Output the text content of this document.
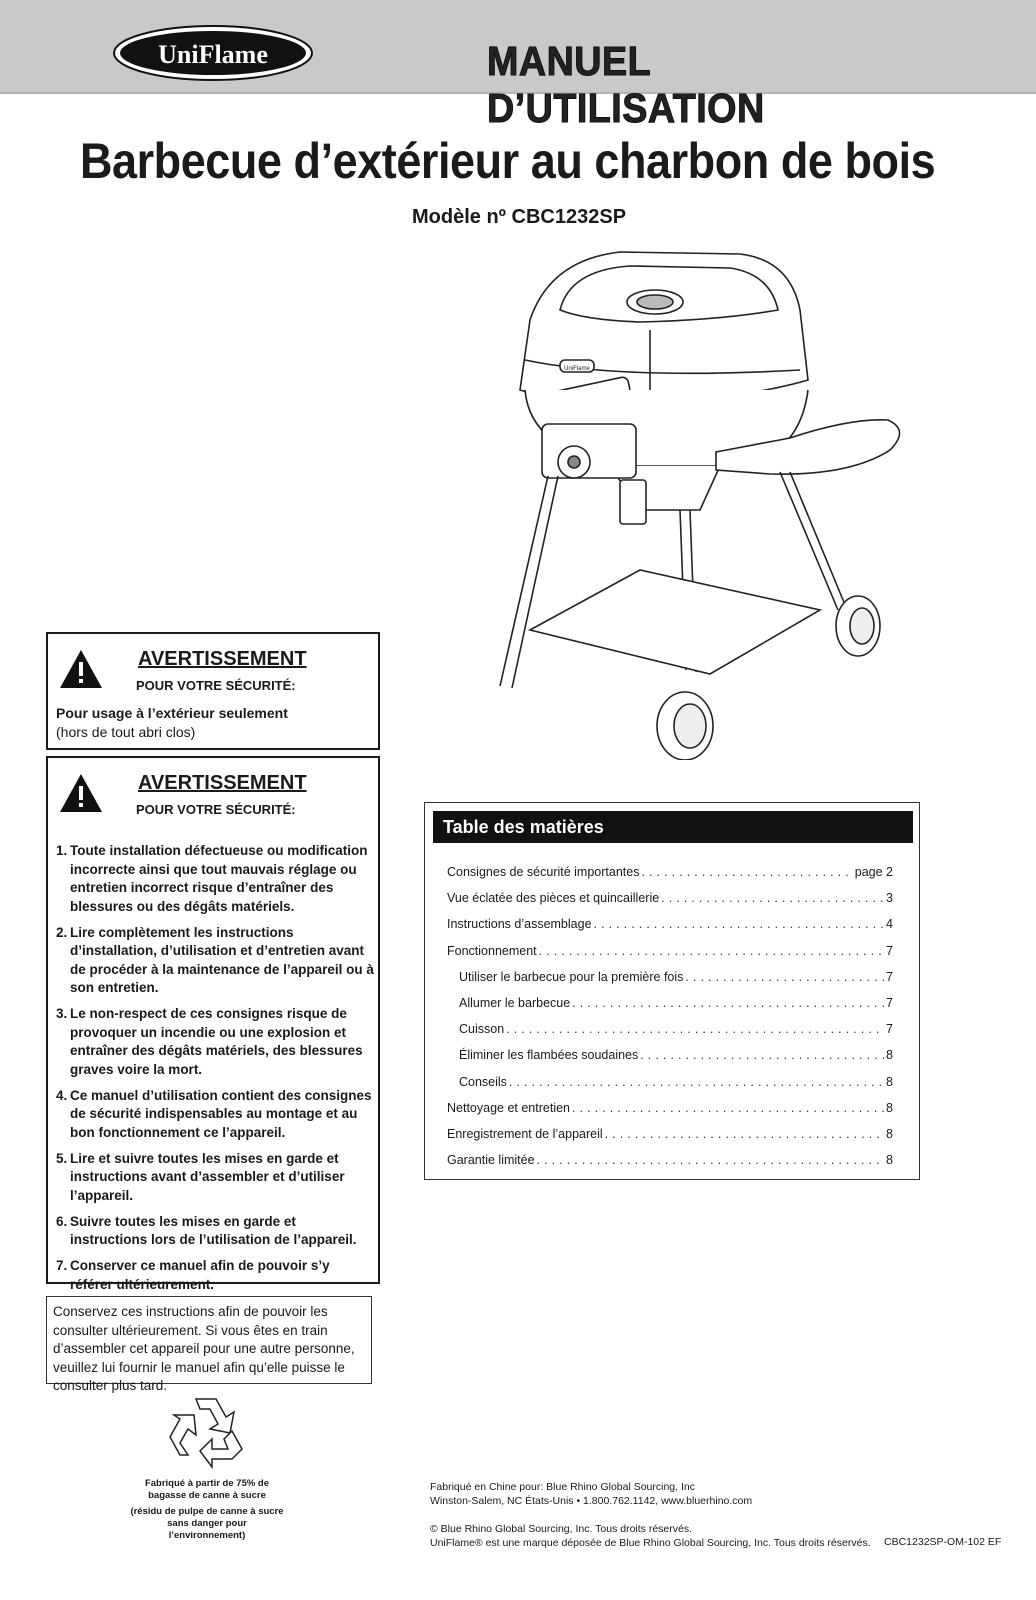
UniFlame	MANUEL D’UTILISATION
Barbecue d’extérieur au charbon de bois
Modèle nº CBC1232SP
UniFlame
AVERTISSEMENT
POUR VOTRE SÉCURITÉ:
Pour usage à l’extérieur seulement
(hors de tout abri clos)
AVERTISSEMENT
POUR VOTRE SÉCURITÉ:
1. Toute installation défectueuse ou modification incorrecte ainsi que tout mauvais réglage ou entretien incorrect risque d’entraîner des blessures ou des dégâts matériels.
2. Lire complètement les instructions d’installation, d’utilisation et d’entretien avant de procéder à la maintenance de l’appareil ou à son entretien.
3. Le non-respect de ces consignes risque de provoquer un incendie ou une explosion et entraîner des dégâts matériels, des blessures graves voire la mort.
4. Ce manuel d’utilisation contient des consignes de sécurité indispensables au montage et au bon fonctionnement ce l’appareil.
5. Lire et suivre toutes les mises en garde et instructions avant d’assembler et d’utiliser l’appareil.
6. Suivre toutes les mises en garde et instructions lors de l’utilisation de l’appareil.
7. Conserver ce manuel afin de pouvoir s’y référer ultérieurement.
Conservez ces instructions afin de pouvoir les consulter ultérieurement. Si vous êtes en train d’assembler cet appareil pour une autre personne, veuillez lui fournir le manuel afin qu’elle puisse le consulter plus tard.
Fabriqué à partir de 75% de bagasse de canne à sucre
(résidu de pulpe de canne à sucre sans danger pour l’environnement)
Table des matières
Consignes de sécurité importantes . . .	page 2
Vue éclatée des pièces et quincaillerie . . .	3
Instructions d’assemblage . . .	4
Fonctionnement . . .	7
Utiliser le barbecue pour la première fois . . .	7
Allumer le barbecue . . .	7
Cuisson . . .	7
Éliminer les flambées soudaines . . .	8
Conseils . . .	8
Nettoyage et entretien . . .	8
Enregistrement de l’appareil . . .	8
Garantie limitée . . .	8
Fabriqué en Chine pour: Blue Rhino Global Sourcing, Inc
Winston-Salem, NC États-Unis • 1.800.762.1142, www.bluerhino.com
© Blue Rhino Global Sourcing, Inc. Tous droits réservés.
UniFlame® est une marque déposée de Blue Rhino Global Sourcing, Inc. Tous droits réservés. CBC1232SP-OM-102 EF
